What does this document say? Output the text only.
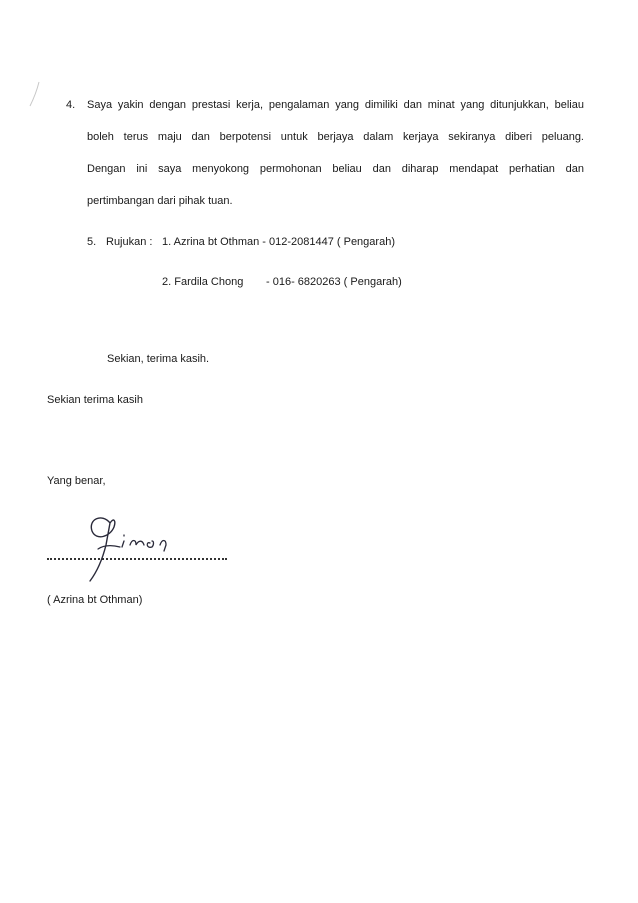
4. Saya yakin dengan prestasi kerja, pengalaman yang dimiliki dan minat yang ditunjukkan, beliau
boleh terus maju dan berpotensi untuk berjaya dalam kerjaya sekiranya diberi peluang.
Dengan ini saya menyokong permohonan beliau dan diharap mendapat perhatian dan
pertimbangan dari pihak tuan.
5. Rujukan : 1. Azrina bt Othman - 012-2081447 ( Pengarah)
2. Fardila Chong - 016- 6820263 ( Pengarah)
Sekian, terima kasih.
Sekian terima kasih
Yang benar,
( Azrina bt Othman)
